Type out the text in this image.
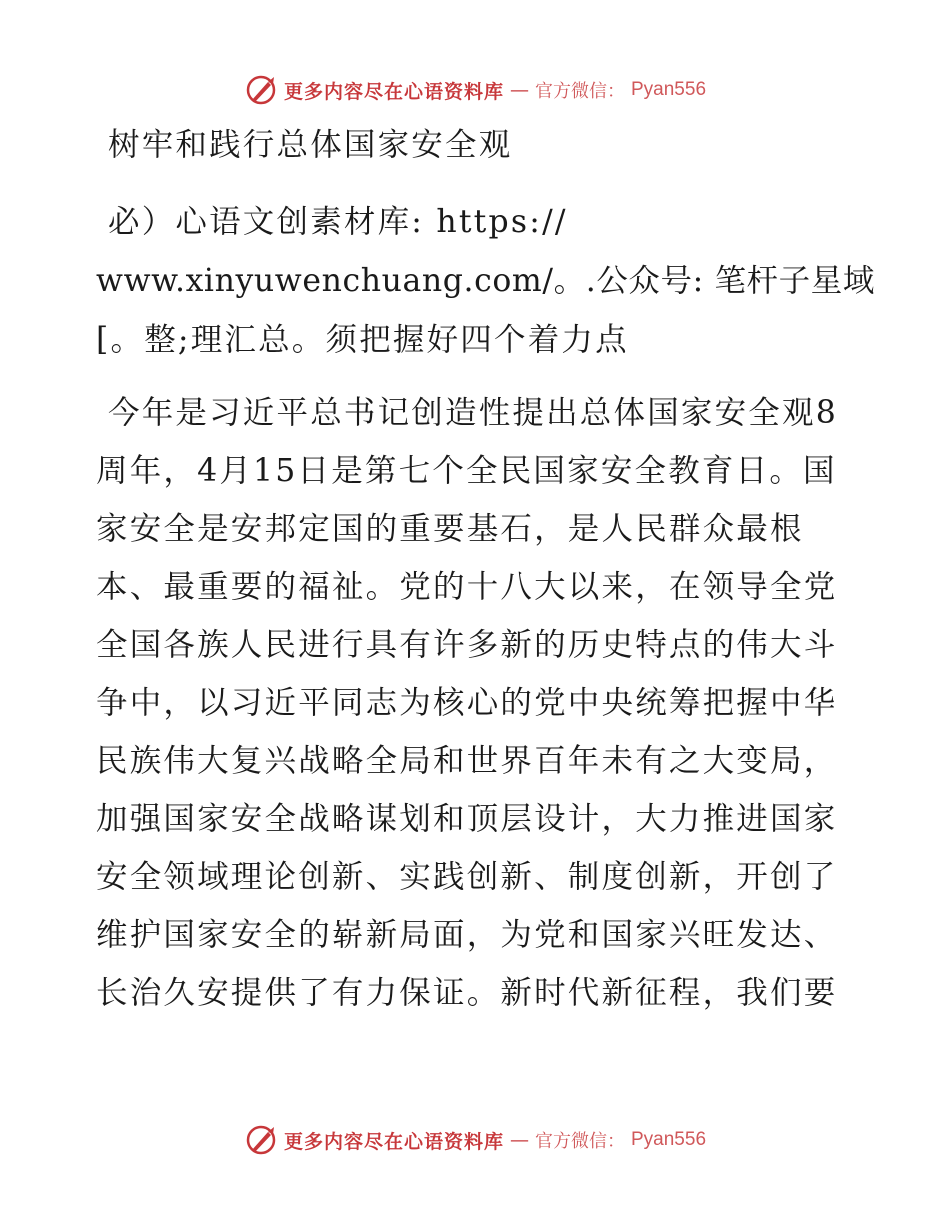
更多内容尽在心语资料库 — 官方微信： Pyan556
树牢和践行总体国家安全观
必）心语文创素材库: https://
www.xinyuwenchuang.com/。.公众号: 笔杆子星域
[。整;理汇总。须把握好四个着力点
今年是习近平总书记创造性提出总体国家安全观8
周年，4月15日是第七个全民国家安全教育日。国
家安全是安邦定国的重要基石，是人民群众最根
本、最重要的福祉。党的十八大以来，在领导全党
全国各族人民进行具有许多新的历史特点的伟大斗
争中，以习近平同志为核心的党中央统筹把握中华
民族伟大复兴战略全局和世界百年未有之大变局，
加强国家安全战略谋划和顶层设计，大力推进国家
安全领域理论创新、实践创新、制度创新，开创了
维护国家安全的崭新局面，为党和国家兴旺发达、
长治久安提供了有力保证。新时代新征程，我们要
更多内容尽在心语资料库 — 官方微信： Pyan556
